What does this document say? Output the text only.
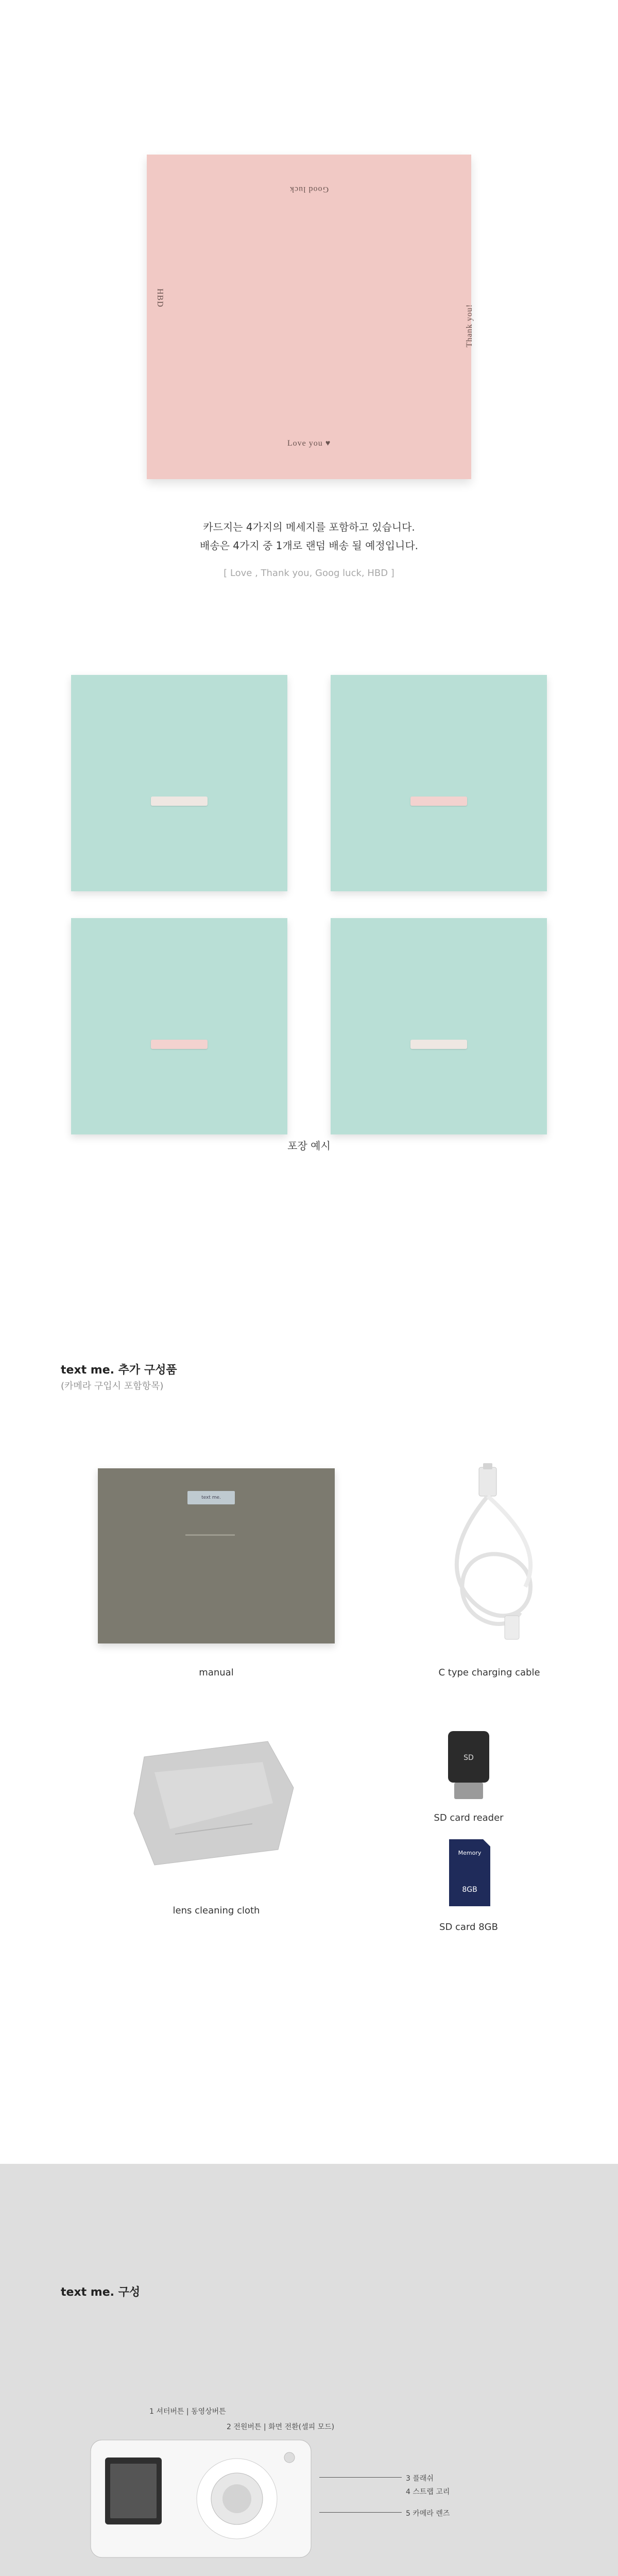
Good luck
HBD
Thank you!
Love you ♥
카드지는 4가지의 메세지를 포함하고 있습니다.
배송은 4가지 중 1개로 랜덤 배송 될 예정입니다.
[ Love , Thank you, Goog luck, HBD ]
포장 예시
text me. 추가 구성품
(카메라 구입시 포함항목)
text me.
manual	C type charging cable
lens cleaning cloth
SD
SD card reader
Memory
8GB
SD card 8GB
text me. 구성
1 셔터버튼 | 동영상버튼
2 전원버튼 | 화면 전환(셀피 모드)
3 플래쉬
4 스트랩 고리
5 카메라 렌즈
